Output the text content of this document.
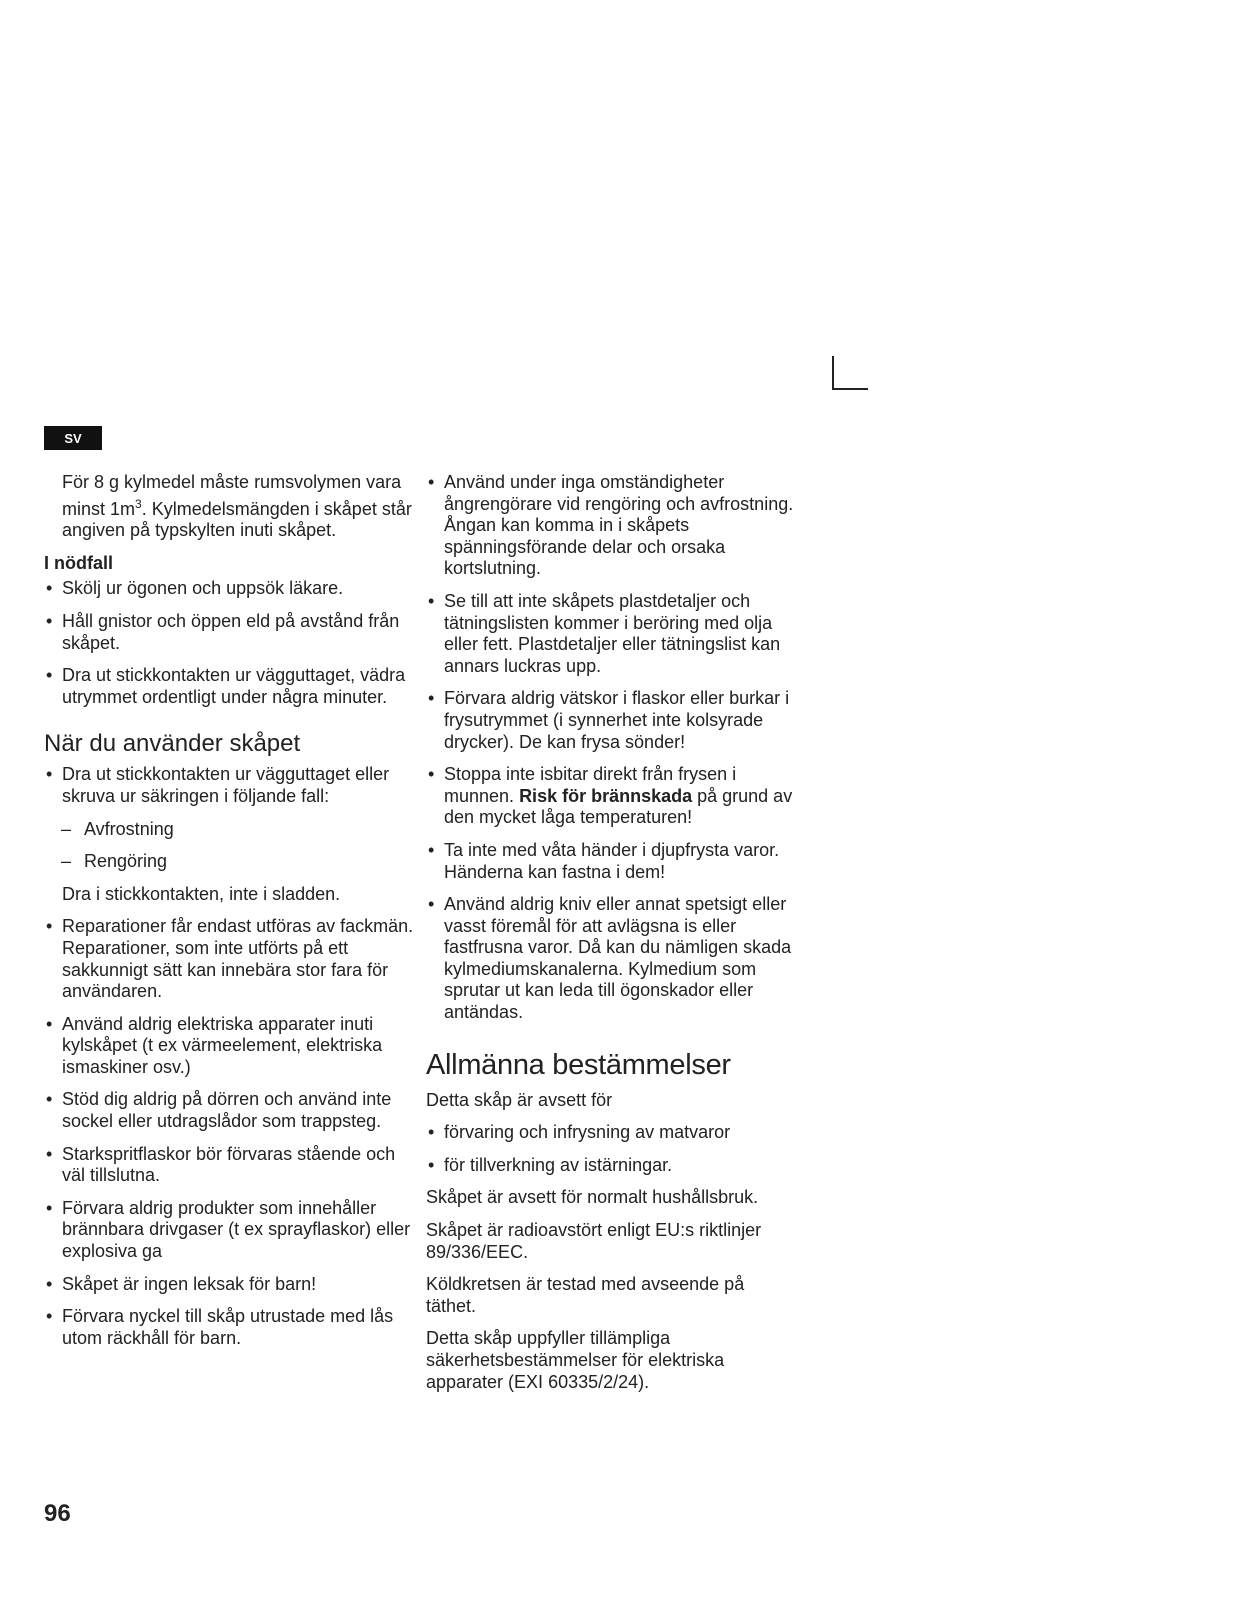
SV

För 8 g kylmedel måste rumsvolymen vara minst $1m^3$. Kylmedelsmängden i skåpet står angiven på typskylten inuti skåpet.

I nödfall
• Skölj ur ögonen och uppsök läkare.
• Håll gnistor och öppen eld på avstånd från skåpet.
• Dra ut stickkontakten ur vägguttaget, vädra utrymmet ordentligt under några minuter.
När du använder skåpet
• Dra ut stickkontakten ur vägguttaget eller skruva ur säkringen i följande fall:
– Avfrostning
– Rengöring

Dra i stickkontakten, inte i sladden.

• Reparationer får endast utföras av fackmän. Reparationer, som inte utförts på ett sakkunnigt sätt kan innebära stor fara för användaren.
• Använd aldrig elektriska apparater inuti kylskåpet (t ex värmeelement, elektriska ismaskiner osv.)
• Stöd dig aldrig på dörren och använd inte sockel eller utdragslådor som trappsteg.
• Starkspritflaskor bör förvaras stående och väl tillslutna.
• Förvara aldrig produkter som innehåller brännbara drivgaser (t ex sprayflaskor) eller explosiva ga
• Skåpet är ingen leksak för barn!
• Förvara nyckel till skåp utrustade med lås utom räckhåll för barn.
• Använd under inga omständigheter ångrengörare vid rengöring och avfrostning. Ångan kan komma in i skåpets spänningsförande delar och orsaka kortslutning.
• Se till att inte skåpets plastdetaljer och tätningslisten kommer i beröring med olja eller fett. Plastdetaljer eller tätningslist kan annars luckras upp.
• Förvara aldrig vätskor i flaskor eller burkar i frysutrymmet (i synnerhet inte kolsyrade drycker). De kan frysa sönder!
• Stoppa inte isbitar direkt från frysen i munnen. Risk för brännskada på grund av den mycket låga temperaturen!
• Ta inte med våta händer i djupfrysta varor. Händerna kan fastna i dem!
• Använd aldrig kniv eller annat spetsigt eller vasst föremål för att avlägsna is eller fastfrusna varor. Då kan du nämligen skada kylmediumskanalerna. Kylmedium som sprutar ut kan leda till ögonskador eller antändas.
Allmänna bestämmelser

Detta skåp är avsett för

• förvaring och infrysning av matvaror
• för tillverkning av istärningar.

Skåpet är avsett för normalt hushållsbruk.

Skåpet är radioavstört enligt EU:s riktlinjer 89/336/EEC.

Köldkretsen är testad med avseende på täthet.

Detta skåp uppfyller tillämpliga säkerhetsbestämmelser för elektriska apparater (EXI 60335/2/24).

96
